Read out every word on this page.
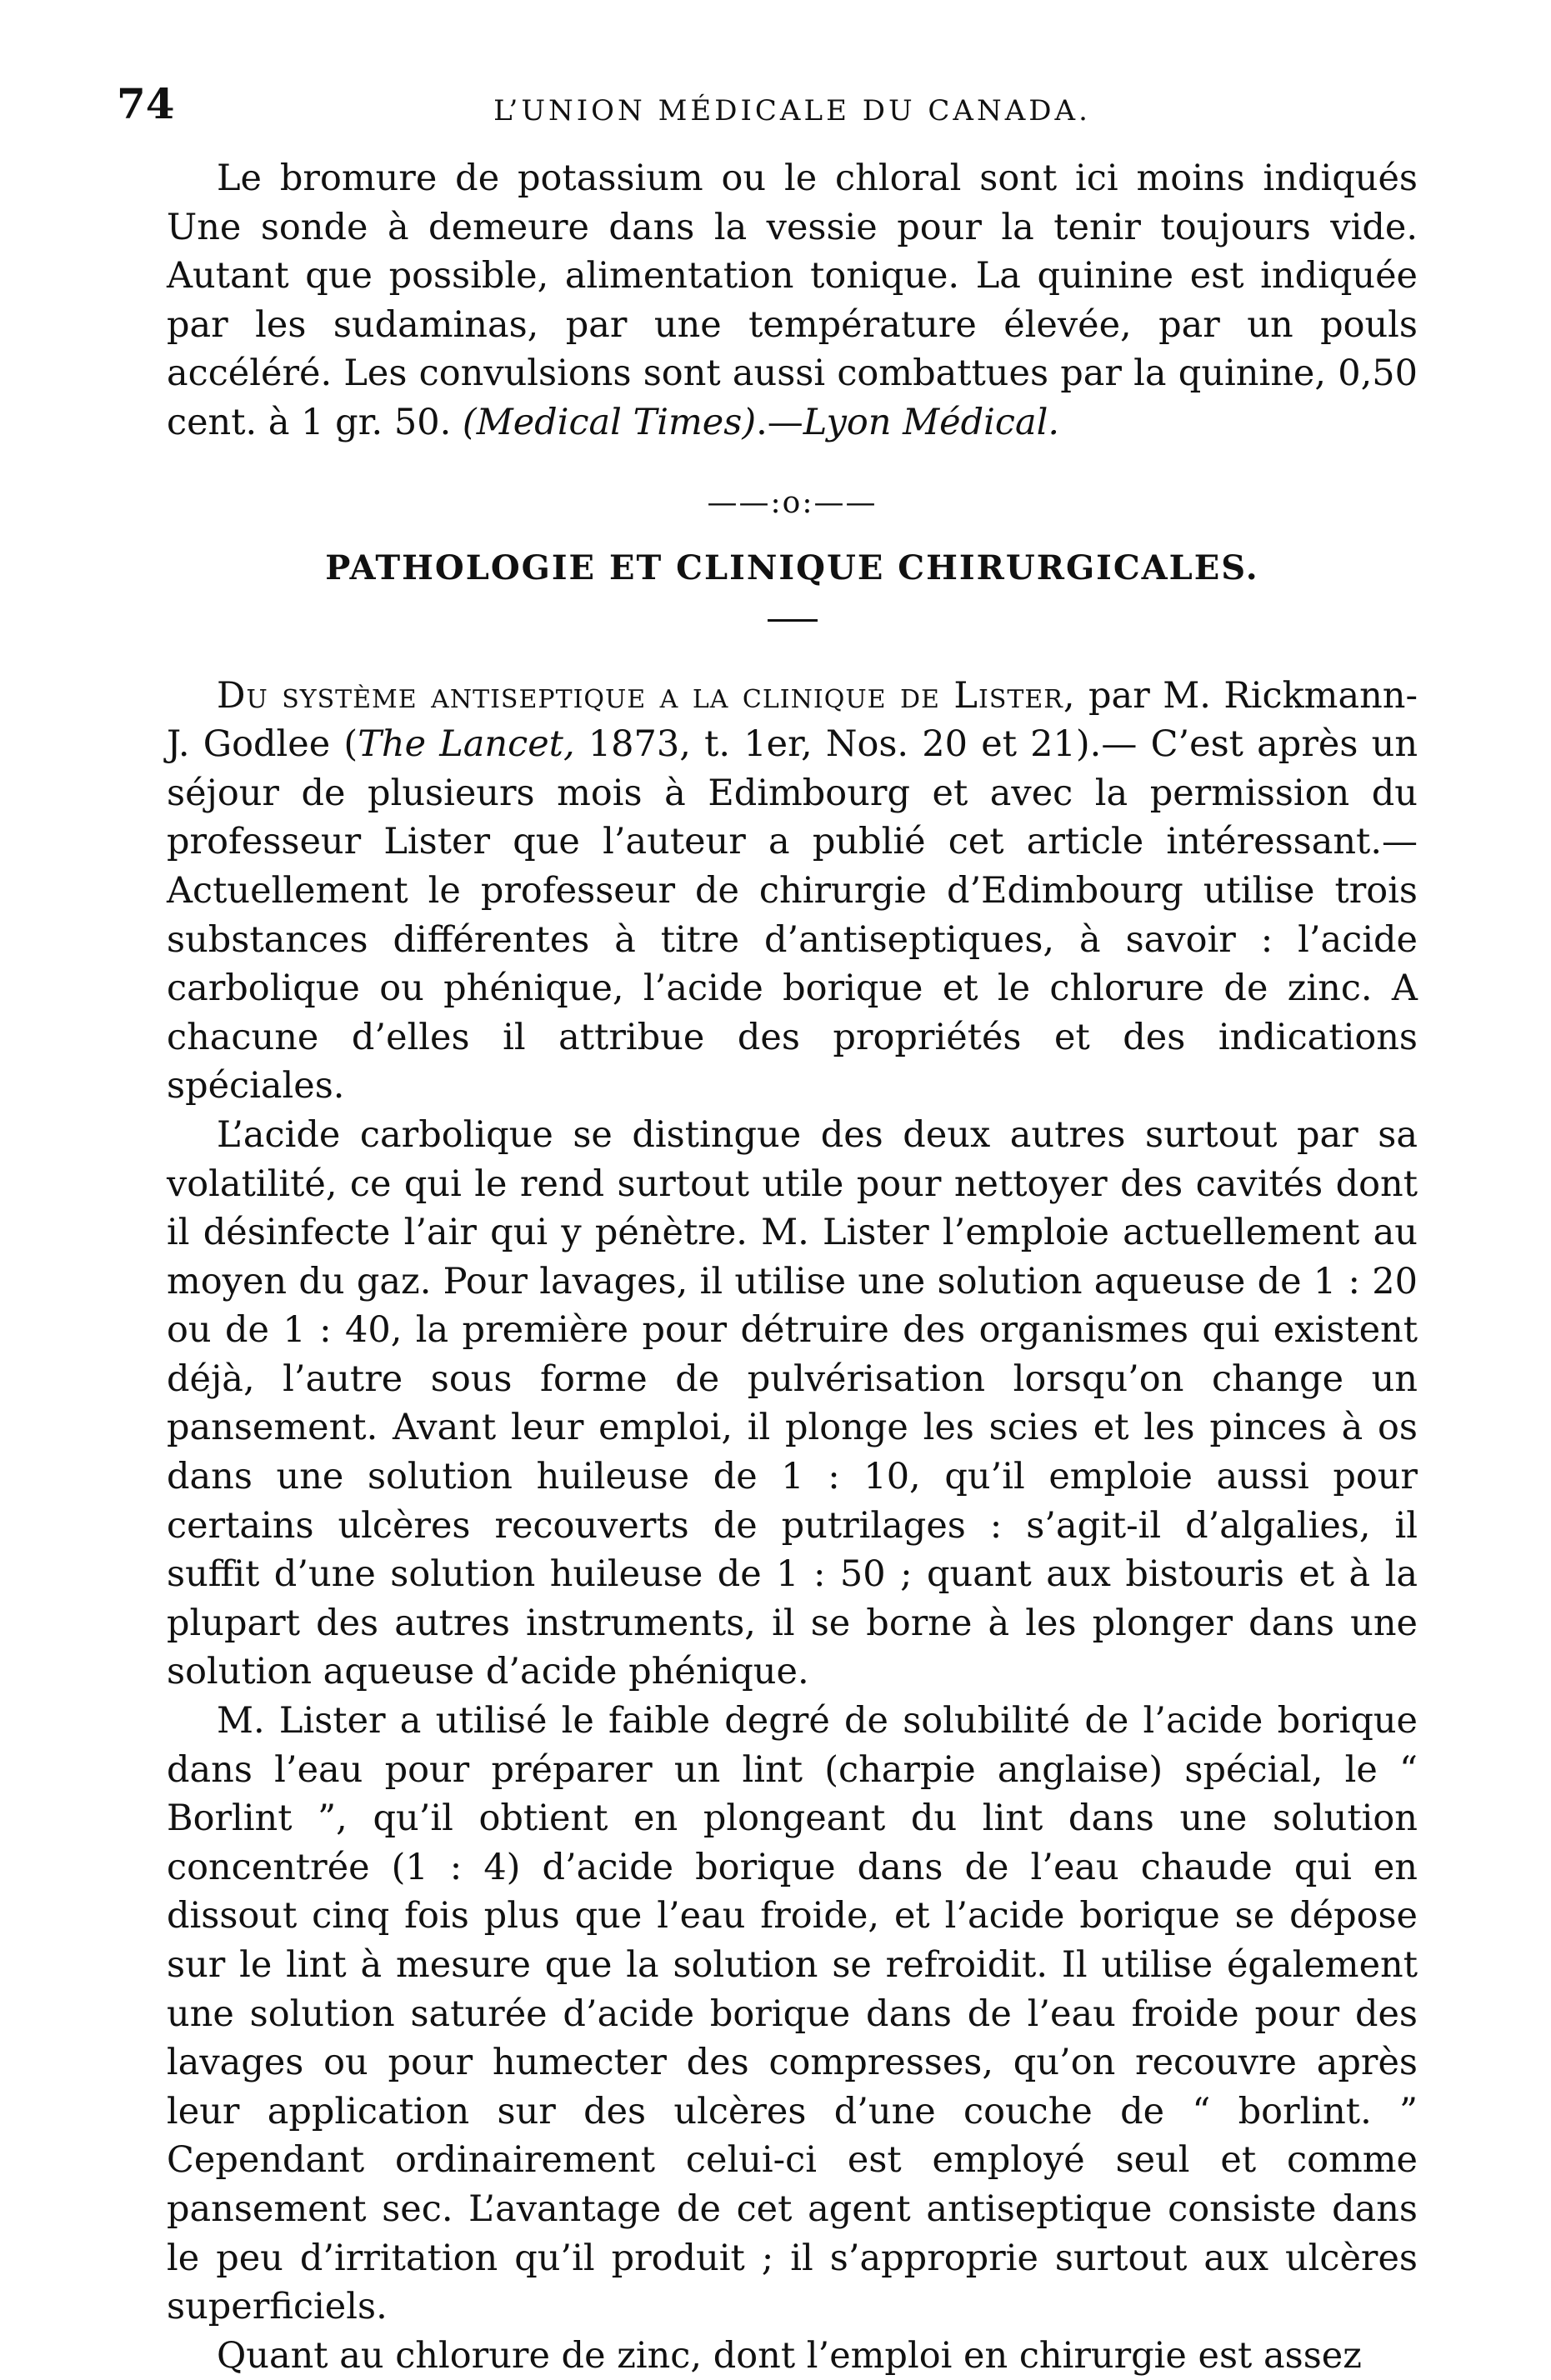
74	L’UNION MÉDICALE DU CANADA.

Le bromure de potassium ou le chloral sont ici moins indiqués Une sonde à demeure dans la vessie pour la tenir toujours vide. Autant que possible, alimentation tonique. La quinine est indiquée par les sudaminas, par une température élevée, par un pouls accéléré. Les convulsions sont aussi combattues par la quinine, 0,50 cent. à 1 gr. 50. (Medical Times).—Lyon Médical.

——:o:——
PATHOLOGIE ET CLINIQUE CHIRURGICALES.

Du système antiseptique a la clinique de Lister, par M. Rickmann-J. Godlee (The Lancet, 1873, t. 1er, Nos. 20 et 21).— C’est après un séjour de plusieurs mois à Edimbourg et avec la permission du professeur Lister que l’auteur a publié cet article intéressant.—Actuellement le professeur de chirurgie d’Edimbourg utilise trois substances différentes à titre d’antiseptiques, à savoir : l’acide carbolique ou phénique, l’acide borique et le chlorure de zinc. A chacune d’elles il attribue des propriétés et des indications spéciales.

L’acide carbolique se distingue des deux autres surtout par sa volatilité, ce qui le rend surtout utile pour nettoyer des cavités dont il désinfecte l’air qui y pénètre. M. Lister l’emploie actuellement au moyen du gaz. Pour lavages, il utilise une solution aqueuse de 1 : 20 ou de 1 : 40, la première pour détruire des organismes qui existent déjà, l’autre sous forme de pulvérisation lorsqu’on change un pansement. Avant leur emploi, il plonge les scies et les pinces à os dans une solution huileuse de 1 : 10, qu’il emploie aussi pour certains ulcères recouverts de putrilages : s’agit-il d’algalies, il suffit d’une solution huileuse de 1 : 50 ; quant aux bistouris et à la plupart des autres instruments, il se borne à les plonger dans une solution aqueuse d’acide phénique.

M. Lister a utilisé le faible degré de solubilité de l’acide borique dans l’eau pour préparer un lint (charpie anglaise) spécial, le “ Borlint ”, qu’il obtient en plongeant du lint dans une solution concentrée (1 : 4) d’acide borique dans de l’eau chaude qui en dissout cinq fois plus que l’eau froide, et l’acide borique se dépose sur le lint à mesure que la solution se refroidit. Il utilise également une solution saturée d’acide borique dans de l’eau froide pour des lavages ou pour humecter des compresses, qu’on recouvre après leur application sur des ulcères d’une couche de “ borlint. ” Cependant ordinairement celui-ci est employé seul et comme pansement sec. L’avantage de cet agent antiseptique consiste dans le peu d’irritation qu’il produit ; il s’approprie surtout aux ulcères superficiels.

Quant au chlorure de zinc, dont l’emploi en chirurgie est assez
